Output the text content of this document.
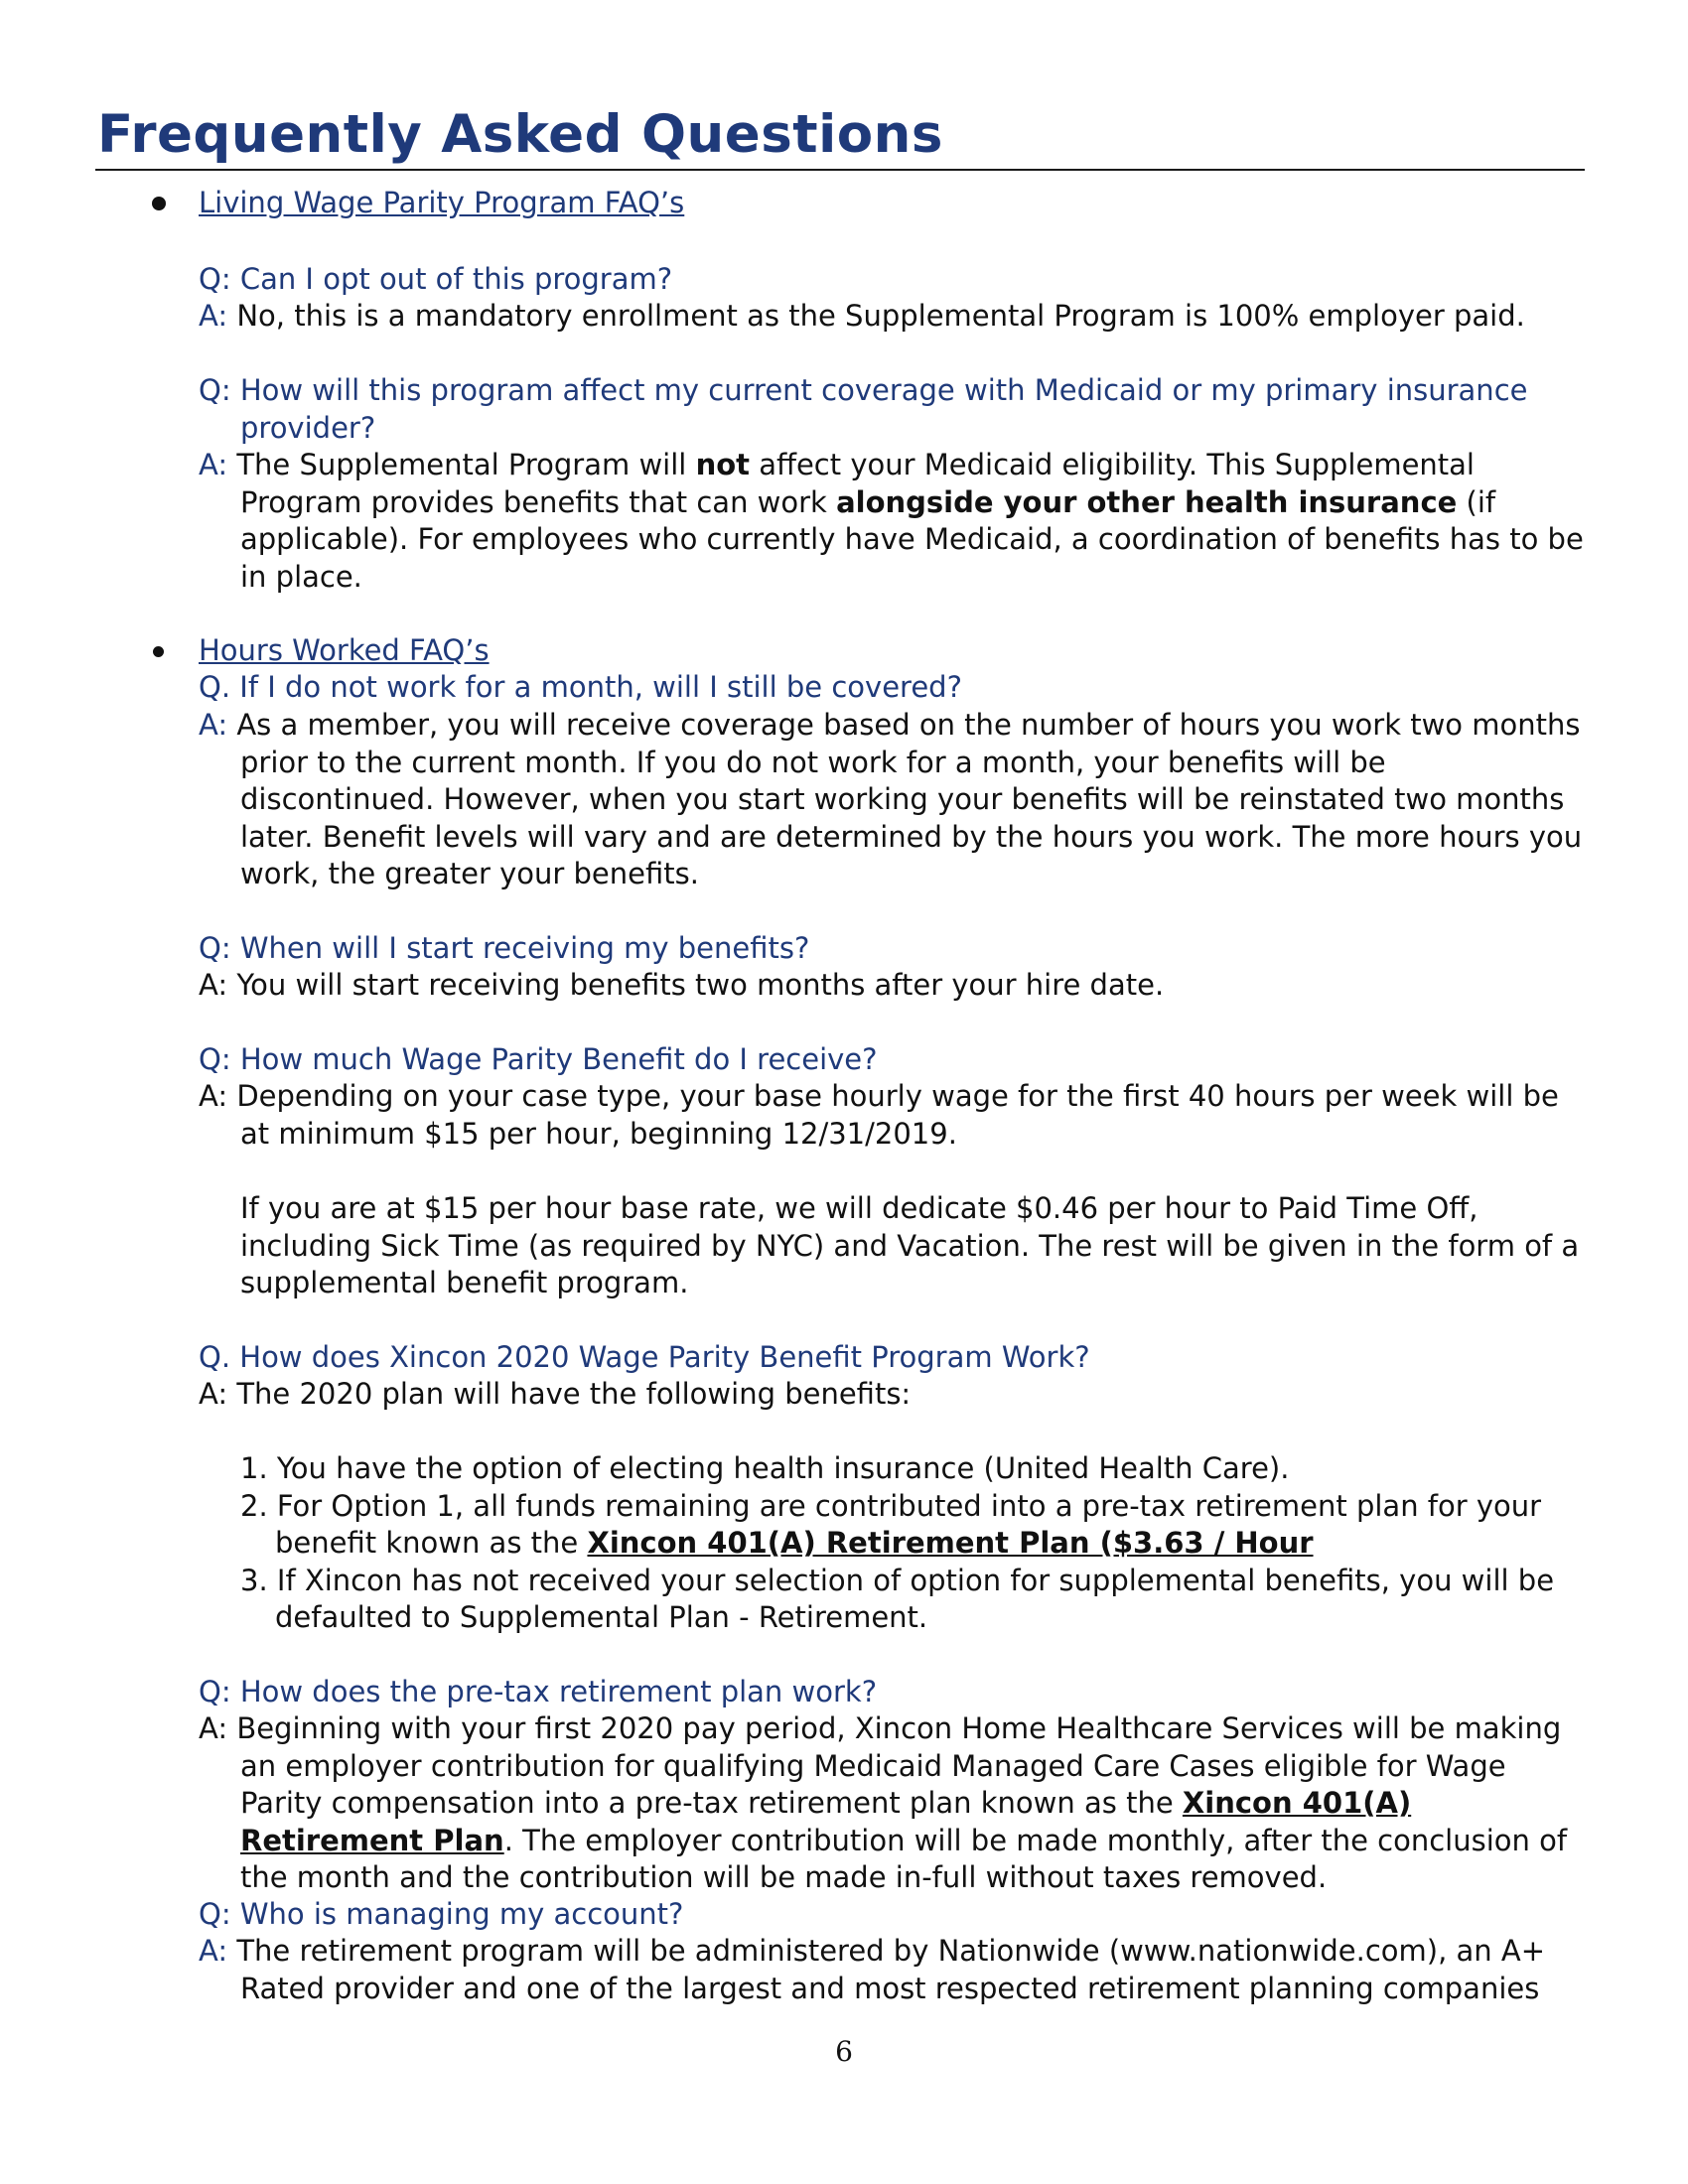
Frequently Asked Questions
Living Wage Parity Program FAQ’s
Q: Can I opt out of this program?

A: No, this is a mandatory enrollment as the Supplemental Program is 100% employer paid.

Q: How will this program affect my current coverage with Medicaid or my primary insurance provider?

A: The Supplemental Program will not affect your Medicaid eligibility. This Supplemental Program provides benefits that can work alongside your other health insurance (if applicable). For employees who currently have Medicaid, a coordination of benefits has to be in place.

Hours Worked FAQ’s
Q. If I do not work for a month, will I still be covered?

A: As a member, you will receive coverage based on the number of hours you work two months prior to the current month. If you do not work for a month, your benefits will be discontinued. However, when you start working your benefits will be reinstated two months later. Benefit levels will vary and are determined by the hours you work. The more hours you work, the greater your benefits.

Q: When will I start receiving my benefits?

A: You will start receiving benefits two months after your hire date.

Q: How much Wage Parity Benefit do I receive?

A: Depending on your case type, your base hourly wage for the first 40 hours per week will be at minimum $15 per hour, beginning 12/31/2019.

If you are at $15 per hour base rate, we will dedicate $0.46 per hour to Paid Time Off, including Sick Time (as required by NYC) and Vacation. The rest will be given in the form of a supplemental benefit program.

Q. How does Xincon 2020 Wage Parity Benefit Program Work?

A: The 2020 plan will have the following benefits:

1. You have the option of electing health insurance (United Health Care).
2. For Option 1, all funds remaining are contributed into a pre-tax retirement plan for your benefit known as the Xincon 401(A) Retirement Plan ($3.63 / Hour
3. If Xincon has not received your selection of option for supplemental benefits, you will be defaulted to Supplemental Plan - Retirement.
Q: How does the pre-tax retirement plan work?

A: Beginning with your first 2020 pay period, Xincon Home Healthcare Services will be making an employer contribution for qualifying Medicaid Managed Care Cases eligible for Wage Parity compensation into a pre-tax retirement plan known as the Xincon 401(A) Retirement Plan. The employer contribution will be made monthly, after the conclusion of the month and the contribution will be made in-full without taxes removed.

Q: Who is managing my account?

A: The retirement program will be administered by Nationwide (www.nationwide.com), an A+ Rated provider and one of the largest and most respected retirement planning companies

6
